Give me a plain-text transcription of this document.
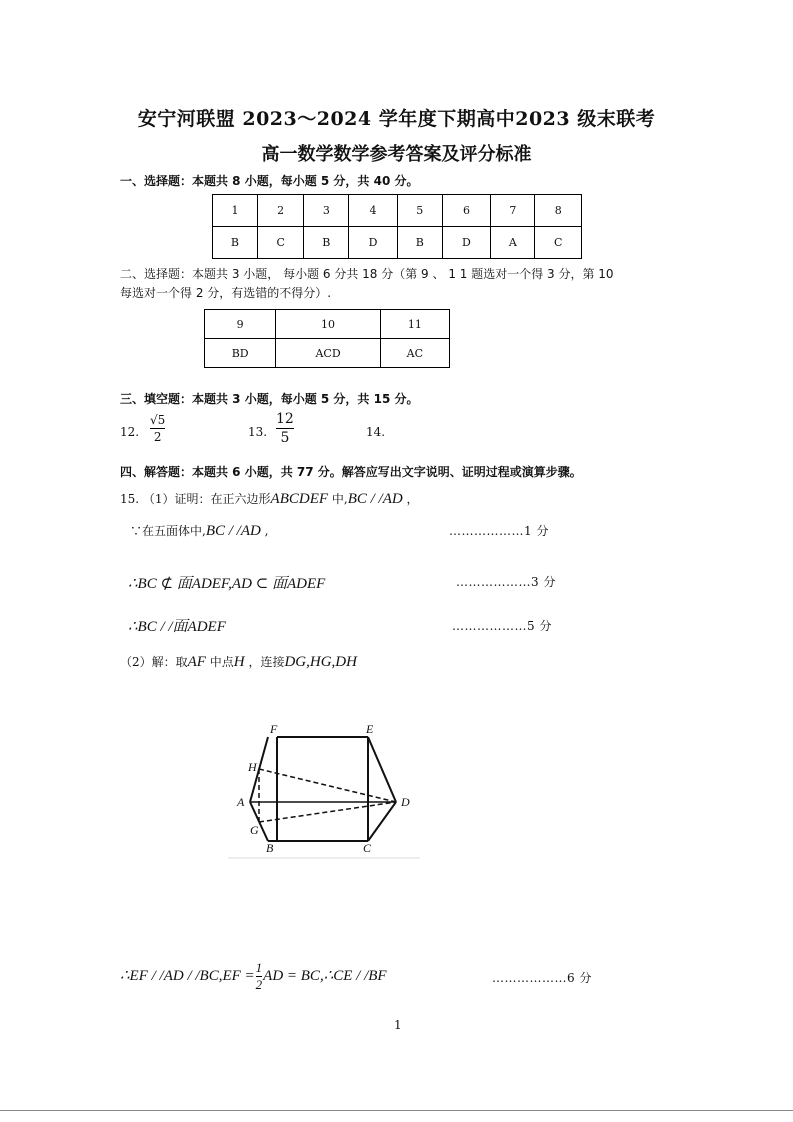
安宁河联盟 2023～2024 学年度下期高中2023 级末联考
高一数学数学参考答案及评分标准
一、选择题：本题共 8 小题，每小题 5 分，共 40 分。
1	2	3	4	5	6	7	8
B	C	B	D	B	D	A	C
二、选择题：本题共 3 小题， 每小题 6 分共 18 分（第 9 、 1 1 题选对一个得 3 分，第 10
每选对一个得 2 分，有选错的不得分）.
9	10	11
BD	ACD	AC
三、填空题：本题共 3 小题，每小题 5 分，共 15 分。
12. $\frac{√5}{2}$	13. $\frac{12}{5}$	14.
四、解答题：本题共 6 小题，共 77 分。解答应写出文字说明、证明过程或演算步骤。
15. （1）证明：在正六边形ABCDEF 中,BC / /AD ，
∵在五面体中,BC / /AD ,	………………1 分
∴BC ⊄ 面ADEF,AD ⊂ 面ADEF	………………3 分
∴BC / /面ADEF	………………5 分
（2）解：取AF 中点H ，连接DG,HG,DH
F	E
H
A	D
G
B	C
∴EF / $/AD / /BC,EF = \frac{1}{2}$ AD = BC,∴CE / /BF	………………6 分
1
